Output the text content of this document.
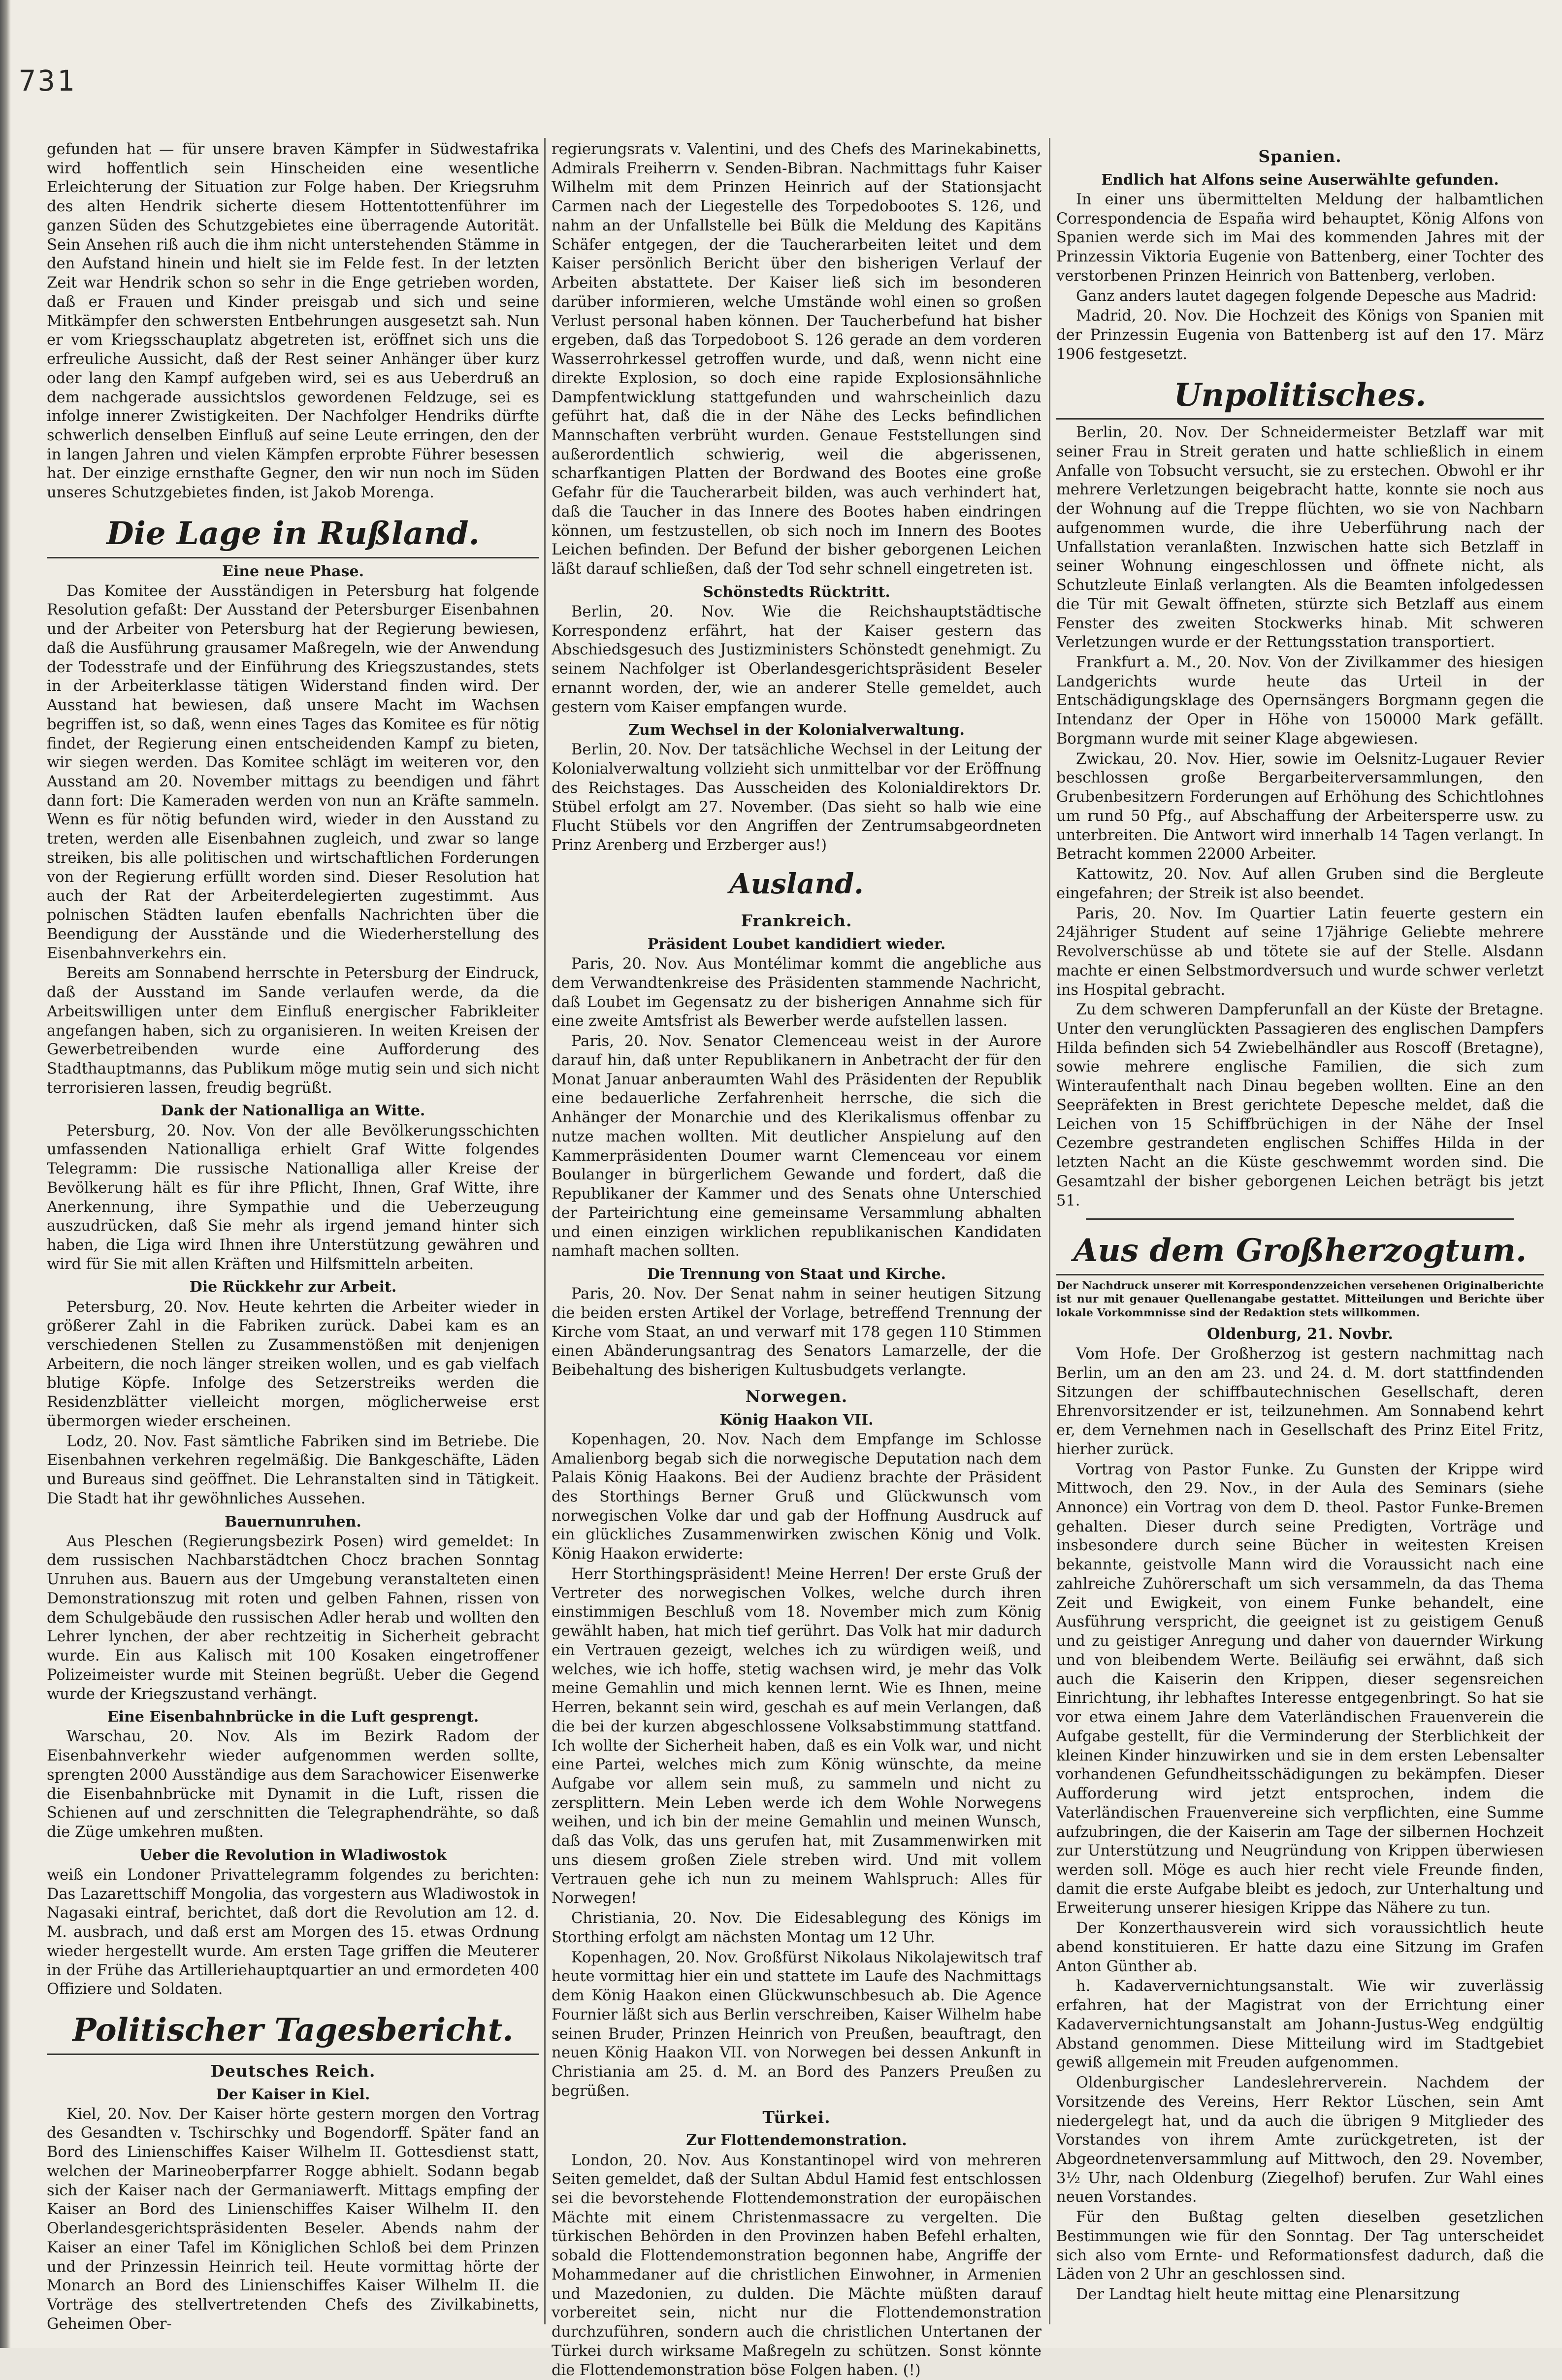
731

gefunden hat — für unsere braven Kämpfer in Südwestafrika wird hoffentlich sein Hinscheiden eine wesentliche Erleichterung der Situation zur Folge haben. Der Kriegsruhm des alten Hendrik sicherte diesem Hottentottenführer im ganzen Süden des Schutzgebietes eine überragende Autorität. Sein Ansehen riß auch die ihm nicht unterstehenden Stämme in den Aufstand hinein und hielt sie im Felde fest. In der letzten Zeit war Hendrik schon so sehr in die Enge getrieben worden, daß er Frauen und Kinder preisgab und sich und seine Mitkämpfer den schwersten Entbehrungen ausgesetzt sah. Nun er vom Kriegsschauplatz abgetreten ist, eröffnet sich uns die erfreuliche Aussicht, daß der Rest seiner Anhänger über kurz oder lang den Kampf aufgeben wird, sei es aus Ueberdruß an dem nachgerade aussichtslos gewordenen Feldzuge, sei es infolge innerer Zwistigkeiten. Der Nachfolger Hendriks dürfte schwerlich denselben Einfluß auf seine Leute erringen, den der in langen Jahren und vielen Kämpfen erprobte Führer besessen hat. Der einzige ernsthafte Gegner, den wir nun noch im Süden unseres Schutzgebietes finden, ist Jakob Morenga.

Die Lage in Rußland.
Eine neue Phase.

Das Komitee der Ausständigen in Petersburg hat folgende Resolution gefaßt: Der Ausstand der Petersburger Eisenbahnen und der Arbeiter von Petersburg hat der Regierung bewiesen, daß die Ausführung grausamer Maßregeln, wie der Anwendung der Todesstrafe und der Einführung des Kriegszustandes, stets in der Arbeiterklasse tätigen Widerstand finden wird. Der Ausstand hat bewiesen, daß unsere Macht im Wachsen begriffen ist, so daß, wenn eines Tages das Komitee es für nötig findet, der Regierung einen entscheidenden Kampf zu bieten, wir siegen werden. Das Komitee schlägt im weiteren vor, den Ausstand am 20. November mittags zu beendigen und fährt dann fort: Die Kameraden werden von nun an Kräfte sammeln. Wenn es für nötig befunden wird, wieder in den Ausstand zu treten, werden alle Eisenbahnen zugleich, und zwar so lange streiken, bis alle politischen und wirtschaftlichen Forderungen von der Regierung erfüllt worden sind. Dieser Resolution hat auch der Rat der Arbeiterdelegierten zugestimmt. Aus polnischen Städten laufen ebenfalls Nachrichten über die Beendigung der Ausstände und die Wiederherstellung des Eisenbahnverkehrs ein.

Bereits am Sonnabend herrschte in Petersburg der Eindruck, daß der Ausstand im Sande verlaufen werde, da die Arbeitswilligen unter dem Einfluß energischer Fabrikleiter angefangen haben, sich zu organisieren. In weiten Kreisen der Gewerbetreibenden wurde eine Aufforderung des Stadthauptmanns, das Publikum möge mutig sein und sich nicht terrorisieren lassen, freudig begrüßt.

Dank der Nationalliga an Witte.

Petersburg, 20. Nov. Von der alle Bevölkerungsschichten umfassenden Nationalliga erhielt Graf Witte folgendes Telegramm: Die russische Nationalliga aller Kreise der Bevölkerung hält es für ihre Pflicht, Ihnen, Graf Witte, ihre Anerkennung, ihre Sympathie und die Ueberzeugung auszudrücken, daß Sie mehr als irgend jemand hinter sich haben, die Liga wird Ihnen ihre Unterstützung gewähren und wird für Sie mit allen Kräften und Hilfsmitteln arbeiten.

Die Rückkehr zur Arbeit.

Petersburg, 20. Nov. Heute kehrten die Arbeiter wieder in größerer Zahl in die Fabriken zurück. Dabei kam es an verschiedenen Stellen zu Zusammenstößen mit denjenigen Arbeitern, die noch länger streiken wollen, und es gab vielfach blutige Köpfe. Infolge des Setzerstreiks werden die Residenzblätter vielleicht morgen, möglicherweise erst übermorgen wieder erscheinen.

Lodz, 20. Nov. Fast sämtliche Fabriken sind im Betriebe. Die Eisenbahnen verkehren regelmäßig. Die Bankgeschäfte, Läden und Bureaus sind geöffnet. Die Lehranstalten sind in Tätigkeit. Die Stadt hat ihr gewöhnliches Aussehen.

Bauernunruhen.

Aus Pleschen (Regierungsbezirk Posen) wird gemeldet: In dem russischen Nachbarstädtchen Chocz brachen Sonntag Unruhen aus. Bauern aus der Umgebung veranstalteten einen Demonstrationszug mit roten und gelben Fahnen, rissen von dem Schulgebäude den russischen Adler herab und wollten den Lehrer lynchen, der aber rechtzeitig in Sicherheit gebracht wurde. Ein aus Kalisch mit 100 Kosaken eingetroffener Polizeimeister wurde mit Steinen begrüßt. Ueber die Gegend wurde der Kriegszustand verhängt.

Eine Eisenbahnbrücke in die Luft gesprengt.

Warschau, 20. Nov. Als im Bezirk Radom der Eisenbahnverkehr wieder aufgenommen werden sollte, sprengten 2000 Ausständige aus dem Sarachowicer Eisenwerke die Eisenbahnbrücke mit Dynamit in die Luft, rissen die Schienen auf und zerschnitten die Telegraphendrähte, so daß die Züge umkehren mußten.

Ueber die Revolution in Wladiwostok

weiß ein Londoner Privattelegramm folgendes zu berichten: Das Lazarettschiff Mongolia, das vorgestern aus Wladiwostok in Nagasaki eintraf, berichtet, daß dort die Revolution am 12. d. M. ausbrach, und daß erst am Morgen des 15. etwas Ordnung wieder hergestellt wurde. Am ersten Tage griffen die Meuterer in der Frühe das Artilleriehauptquartier an und ermordeten 400 Offiziere und Soldaten.

Politischer Tagesbericht.
Deutsches Reich.
Der Kaiser in Kiel.

Kiel, 20. Nov. Der Kaiser hörte gestern morgen den Vortrag des Gesandten v. Tschirschky und Bogendorff. Später fand an Bord des Linienschiffes Kaiser Wilhelm II. Gottesdienst statt, welchen der Marineoberpfarrer Rogge abhielt. Sodann begab sich der Kaiser nach der Germaniawerft. Mittags empfing der Kaiser an Bord des Linienschiffes Kaiser Wilhelm II. den Oberlandesgerichtspräsidenten Beseler. Abends nahm der Kaiser an einer Tafel im Königlichen Schloß bei dem Prinzen und der Prinzessin Heinrich teil. Heute vormittag hörte der Monarch an Bord des Linienschiffes Kaiser Wilhelm II. die Vorträge des stellvertretenden Chefs des Zivilkabinetts, Geheimen Ober-

regierungsrats v. Valentini, und des Chefs des Marinekabinetts, Admirals Freiherrn v. Senden-Bibran. Nachmittags fuhr Kaiser Wilhelm mit dem Prinzen Heinrich auf der Stationsjacht Carmen nach der Liegestelle des Torpedobootes S. 126, und nahm an der Unfallstelle bei Bülk die Meldung des Kapitäns Schäfer entgegen, der die Taucherarbeiten leitet und dem Kaiser persönlich Bericht über den bisherigen Verlauf der Arbeiten abstattete. Der Kaiser ließ sich im besonderen darüber informieren, welche Umstände wohl einen so großen Verlust personal haben können. Der Taucherbefund hat bisher ergeben, daß das Torpedoboot S. 126 gerade an dem vorderen Wasserrohrkessel getroffen wurde, und daß, wenn nicht eine direkte Explosion, so doch eine rapide Explosionsähnliche Dampfentwicklung stattgefunden und wahrscheinlich dazu geführt hat, daß die in der Nähe des Lecks befindlichen Mannschaften verbrüht wurden. Genaue Feststellungen sind außerordentlich schwierig, weil die abgerissenen, scharfkantigen Platten der Bordwand des Bootes eine große Gefahr für die Taucherarbeit bilden, was auch verhindert hat, daß die Taucher in das Innere des Bootes haben eindringen können, um festzustellen, ob sich noch im Innern des Bootes Leichen befinden. Der Befund der bisher geborgenen Leichen läßt darauf schließen, daß der Tod sehr schnell eingetreten ist.

Schönstedts Rücktritt.

Berlin, 20. Nov. Wie die Reichshauptstädtische Korrespondenz erfährt, hat der Kaiser gestern das Abschiedsgesuch des Justizministers Schönstedt genehmigt. Zu seinem Nachfolger ist Oberlandesgerichtspräsident Beseler ernannt worden, der, wie an anderer Stelle gemeldet, auch gestern vom Kaiser empfangen wurde.

Zum Wechsel in der Kolonialverwaltung.

Berlin, 20. Nov. Der tatsächliche Wechsel in der Leitung der Kolonialverwaltung vollzieht sich unmittelbar vor der Eröffnung des Reichstages. Das Ausscheiden des Kolonialdirektors Dr. Stübel erfolgt am 27. November. (Das sieht so halb wie eine Flucht Stübels vor den Angriffen der Zentrumsabgeordneten Prinz Arenberg und Erzberger aus!)

Ausland.
Frankreich.
Präsident Loubet kandidiert wieder.

Paris, 20. Nov. Aus Montélimar kommt die angebliche aus dem Verwandtenkreise des Präsidenten stammende Nachricht, daß Loubet im Gegensatz zu der bisherigen Annahme sich für eine zweite Amtsfrist als Bewerber werde aufstellen lassen.

Paris, 20. Nov. Senator Clemenceau weist in der Aurore darauf hin, daß unter Republikanern in Anbetracht der für den Monat Januar anberaumten Wahl des Präsidenten der Republik eine bedauerliche Zerfahrenheit herrsche, die sich die Anhänger der Monarchie und des Klerikalismus offenbar zu nutze machen wollten. Mit deutlicher Anspielung auf den Kammerpräsidenten Doumer warnt Clemenceau vor einem Boulanger in bürgerlichem Gewande und fordert, daß die Republikaner der Kammer und des Senats ohne Unterschied der Parteirichtung eine gemeinsame Versammlung abhalten und einen einzigen wirklichen republikanischen Kandidaten namhaft machen sollten.

Die Trennung von Staat und Kirche.

Paris, 20. Nov. Der Senat nahm in seiner heutigen Sitzung die beiden ersten Artikel der Vorlage, betreffend Trennung der Kirche vom Staat, an und verwarf mit 178 gegen 110 Stimmen einen Abänderungsantrag des Senators Lamarzelle, der die Beibehaltung des bisherigen Kultusbudgets verlangte.

Norwegen.
König Haakon VII.

Kopenhagen, 20. Nov. Nach dem Empfange im Schlosse Amalienborg begab sich die norwegische Deputation nach dem Palais König Haakons. Bei der Audienz brachte der Präsident des Storthings Berner Gruß und Glückwunsch vom norwegischen Volke dar und gab der Hoffnung Ausdruck auf ein glückliches Zusammenwirken zwischen König und Volk. König Haakon erwiderte:

Herr Storthingspräsident! Meine Herren! Der erste Gruß der Vertreter des norwegischen Volkes, welche durch ihren einstimmigen Beschluß vom 18. November mich zum König gewählt haben, hat mich tief gerührt. Das Volk hat mir dadurch ein Vertrauen gezeigt, welches ich zu würdigen weiß, und welches, wie ich hoffe, stetig wachsen wird, je mehr das Volk meine Gemahlin und mich kennen lernt. Wie es Ihnen, meine Herren, bekannt sein wird, geschah es auf mein Verlangen, daß die bei der kurzen abgeschlossene Volksabstimmung stattfand. Ich wollte der Sicherheit haben, daß es ein Volk war, und nicht eine Partei, welches mich zum König wünschte, da meine Aufgabe vor allem sein muß, zu sammeln und nicht zu zersplittern. Mein Leben werde ich dem Wohle Norwegens weihen, und ich bin der meine Gemahlin und meinen Wunsch, daß das Volk, das uns gerufen hat, mit Zusammenwirken mit uns diesem großen Ziele streben wird. Und mit vollem Vertrauen gehe ich nun zu meinem Wahlspruch: Alles für Norwegen!

Christiania, 20. Nov. Die Eidesablegung des Königs im Storthing erfolgt am nächsten Montag um 12 Uhr.

Kopenhagen, 20. Nov. Großfürst Nikolaus Nikolajewitsch traf heute vormittag hier ein und stattete im Laufe des Nachmittags dem König Haakon einen Glückwunschbesuch ab. Die Agence Fournier läßt sich aus Berlin verschreiben, Kaiser Wilhelm habe seinen Bruder, Prinzen Heinrich von Preußen, beauftragt, den neuen König Haakon VII. von Norwegen bei dessen Ankunft in Christiania am 25. d. M. an Bord des Panzers Preußen zu begrüßen.

Türkei.
Zur Flottendemonstration.

London, 20. Nov. Aus Konstantinopel wird von mehreren Seiten gemeldet, daß der Sultan Abdul Hamid fest entschlossen sei die bevorstehende Flottendemonstration der europäischen Mächte mit einem Christenmassacre zu vergelten. Die türkischen Behörden in den Provinzen haben Befehl erhalten, sobald die Flottendemonstration begonnen habe, Angriffe der Mohammedaner auf die christlichen Einwohner, in Armenien und Mazedonien, zu dulden. Die Mächte müßten darauf vorbereitet sein, nicht nur die Flottendemonstration durchzuführen, sondern auch die christlichen Untertanen der Türkei durch wirksame Maßregeln zu schützen. Sonst könnte die Flottendemonstration böse Folgen haben. (!)

Spanien.
Endlich hat Alfons seine Auserwählte gefunden.

In einer uns übermittelten Meldung der halbamtlichen Correspondencia de España wird behauptet, König Alfons von Spanien werde sich im Mai des kommenden Jahres mit der Prinzessin Viktoria Eugenie von Battenberg, einer Tochter des verstorbenen Prinzen Heinrich von Battenberg, verloben.

Ganz anders lautet dagegen folgende Depesche aus Madrid:

Madrid, 20. Nov. Die Hochzeit des Königs von Spanien mit der Prinzessin Eugenia von Battenberg ist auf den 17. März 1906 festgesetzt.

Unpolitisches.

Berlin, 20. Nov. Der Schneidermeister Betzlaff war mit seiner Frau in Streit geraten und hatte schließlich in einem Anfalle von Tobsucht versucht, sie zu erstechen. Obwohl er ihr mehrere Verletzungen beigebracht hatte, konnte sie noch aus der Wohnung auf die Treppe flüchten, wo sie von Nachbarn aufgenommen wurde, die ihre Ueberführung nach der Unfallstation veranlaßten. Inzwischen hatte sich Betzlaff in seiner Wohnung eingeschlossen und öffnete nicht, als Schutzleute Einlaß verlangten. Als die Beamten infolgedessen die Tür mit Gewalt öffneten, stürzte sich Betzlaff aus einem Fenster des zweiten Stockwerks hinab. Mit schweren Verletzungen wurde er der Rettungsstation transportiert.

Frankfurt a. M., 20. Nov. Von der Zivilkammer des hiesigen Landgerichts wurde heute das Urteil in der Entschädigungsklage des Opernsängers Borgmann gegen die Intendanz der Oper in Höhe von 150000 Mark gefällt. Borgmann wurde mit seiner Klage abgewiesen.

Zwickau, 20. Nov. Hier, sowie im Oelsnitz-Lugauer Revier beschlossen große Bergarbeiterversammlungen, den Grubenbesitzern Forderungen auf Erhöhung des Schichtlohnes um rund 50 Pfg., auf Abschaffung der Arbeitersperre usw. zu unterbreiten. Die Antwort wird innerhalb 14 Tagen verlangt. In Betracht kommen 22000 Arbeiter.

Kattowitz, 20. Nov. Auf allen Gruben sind die Bergleute eingefahren; der Streik ist also beendet.

Paris, 20. Nov. Im Quartier Latin feuerte gestern ein 24jähriger Student auf seine 17jährige Geliebte mehrere Revolverschüsse ab und tötete sie auf der Stelle. Alsdann machte er einen Selbstmordversuch und wurde schwer verletzt ins Hospital gebracht.

Zu dem schweren Dampferunfall an der Küste der Bretagne. Unter den verunglückten Passagieren des englischen Dampfers Hilda befinden sich 54 Zwiebelhändler aus Roscoff (Bretagne), sowie mehrere englische Familien, die sich zum Winteraufenthalt nach Dinau begeben wollten. Eine an den Seepräfekten in Brest gerichtete Depesche meldet, daß die Leichen von 15 Schiffbrüchigen in der Nähe der Insel Cezembre gestrandeten englischen Schiffes Hilda in der letzten Nacht an die Küste geschwemmt worden sind. Die Gesamtzahl der bisher geborgenen Leichen beträgt bis jetzt 51.

Aus dem Großherzogtum.

Der Nachdruck unserer mit Korrespondenzzeichen versehenen Originalberichte ist nur mit genauer Quellenangabe gestattet. Mitteilungen und Berichte über lokale Vorkommnisse sind der Redaktion stets willkommen.

Oldenburg, 21. Novbr.

Vom Hofe. Der Großherzog ist gestern nachmittag nach Berlin, um an den am 23. und 24. d. M. dort stattfindenden Sitzungen der schiffbautechnischen Gesellschaft, deren Ehrenvorsitzender er ist, teilzunehmen. Am Sonnabend kehrt er, dem Vernehmen nach in Gesellschaft des Prinz Eitel Fritz, hierher zurück.

Vortrag von Pastor Funke. Zu Gunsten der Krippe wird Mittwoch, den 29. Nov., in der Aula des Seminars (siehe Annonce) ein Vortrag von dem D. theol. Pastor Funke-Bremen gehalten. Dieser durch seine Predigten, Vorträge und insbesondere durch seine Bücher in weitesten Kreisen bekannte, geistvolle Mann wird die Voraussicht nach eine zahlreiche Zuhörerschaft um sich versammeln, da das Thema Zeit und Ewigkeit, von einem Funke behandelt, eine Ausführung verspricht, die geeignet ist zu geistigem Genuß und zu geistiger Anregung und daher von dauernder Wirkung und von bleibendem Werte. Beiläufig sei erwähnt, daß sich auch die Kaiserin den Krippen, dieser segensreichen Einrichtung, ihr lebhaftes Interesse entgegenbringt. So hat sie vor etwa einem Jahre dem Vaterländischen Frauenverein die Aufgabe gestellt, für die Verminderung der Sterblichkeit der kleinen Kinder hinzuwirken und sie in dem ersten Lebensalter vorhandenen Gefundheitsschädigungen zu bekämpfen. Dieser Aufforderung wird jetzt entsprochen, indem die Vaterländischen Frauenvereine sich verpflichten, eine Summe aufzubringen, die der Kaiserin am Tage der silbernen Hochzeit zur Unterstützung und Neugründung von Krippen überwiesen werden soll. Möge es auch hier recht viele Freunde finden, damit die erste Aufgabe bleibt es jedoch, zur Unterhaltung und Erweiterung unserer hiesigen Krippe das Nähere zu tun.

Der Konzerthausverein wird sich voraussichtlich heute abend konstituieren. Er hatte dazu eine Sitzung im Grafen Anton Günther ab.

h. Kadaververnichtungsanstalt. Wie wir zuverlässig erfahren, hat der Magistrat von der Errichtung einer Kadaververnichtungsanstalt am Johann-Justus-Weg endgültig Abstand genommen. Diese Mitteilung wird im Stadtgebiet gewiß allgemein mit Freuden aufgenommen.

Oldenburgischer Landeslehrerverein. Nachdem der Vorsitzende des Vereins, Herr Rektor Lüschen, sein Amt niedergelegt hat, und da auch die übrigen 9 Mitglieder des Vorstandes von ihrem Amte zurückgetreten, ist der Abgeordnetenversammlung auf Mittwoch, den 29. November, 3½ Uhr, nach Oldenburg (Ziegelhof) berufen. Zur Wahl eines neuen Vorstandes.

Für den Bußtag gelten dieselben gesetzlichen Bestimmungen wie für den Sonntag. Der Tag unterscheidet sich also vom Ernte- und Reformationsfest dadurch, daß die Läden von 2 Uhr an geschlossen sind.

Der Landtag hielt heute mittag eine Plenarsitzung
